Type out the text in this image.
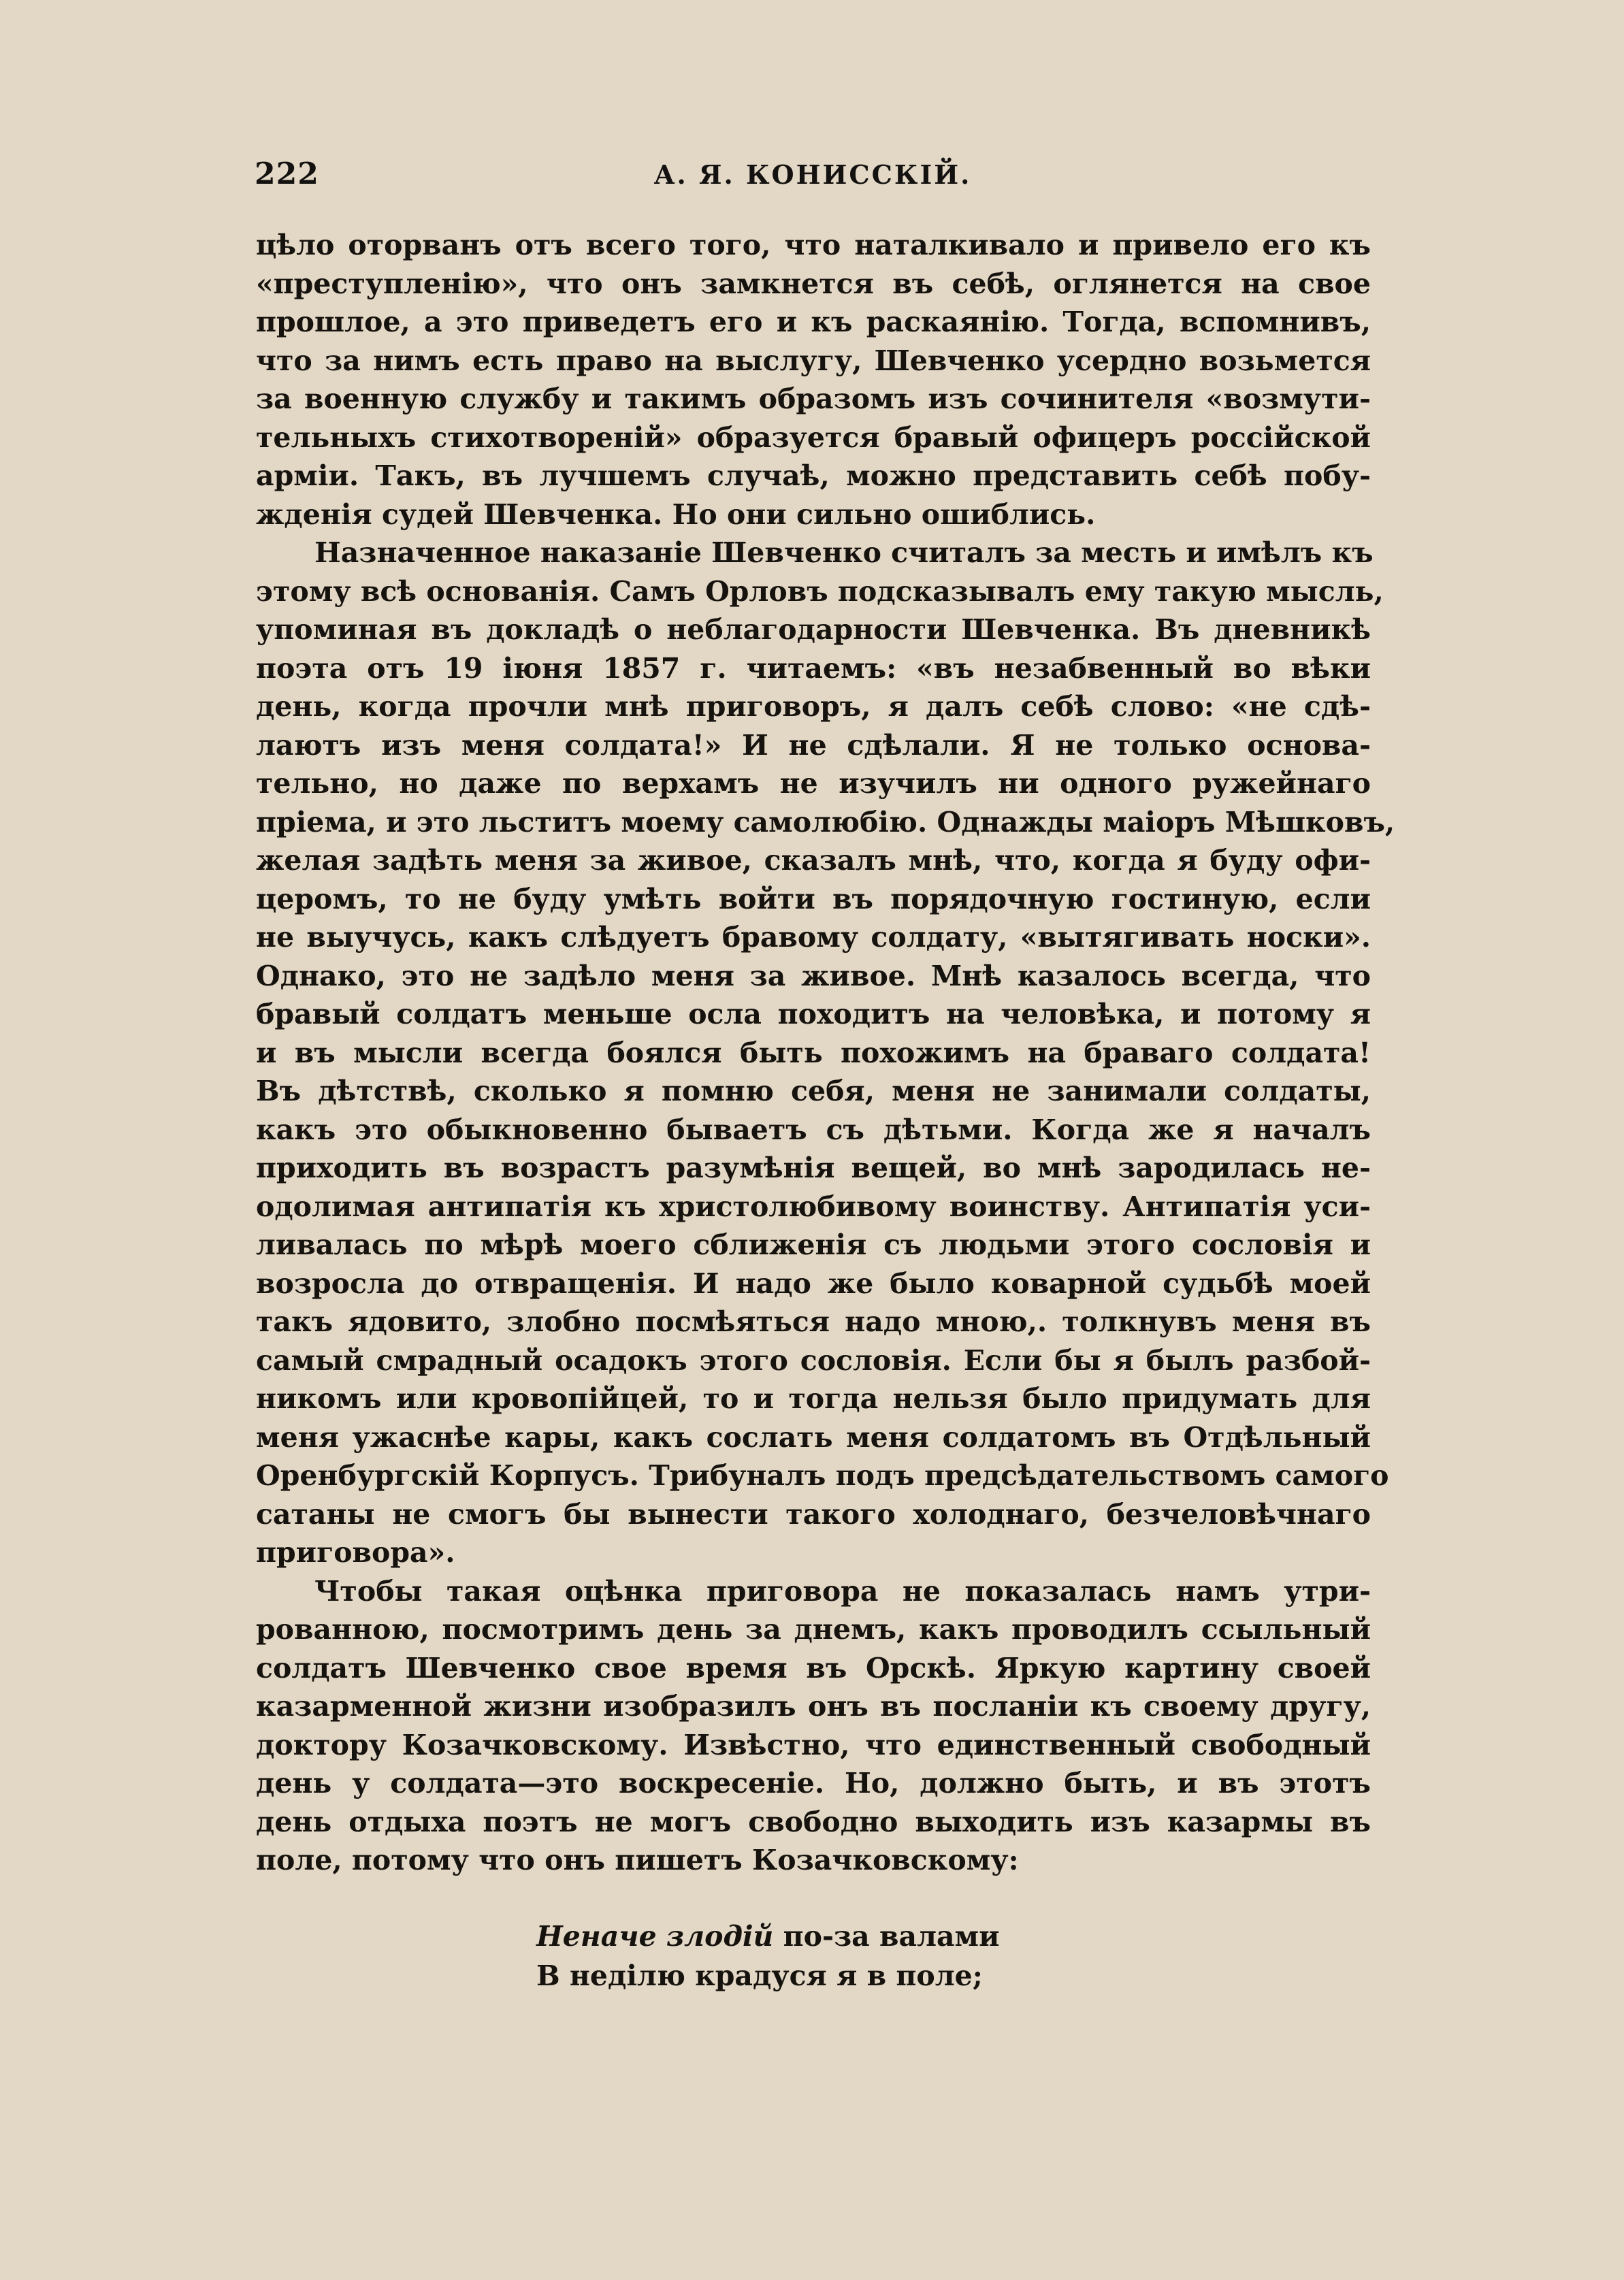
222	А. Я. КОНИССКІЙ.
цѣло оторванъ отъ всего того, что наталкивало и привело его къ
«преступленію», что онъ замкнется въ себѣ, оглянется на свое
прошлое, а это приведетъ его и къ раскаянію. Тогда, вспомнивъ,
что за нимъ есть право на выслугу, Шевченко усердно возьмется
за военную службу и такимъ образомъ изъ сочинителя «возмути-
тельныхъ стихотвореній» образуется бравый офицеръ россійской
арміи. Такъ, въ лучшемъ случаѣ, можно представить себѣ побу-
жденія судей Шевченка. Но они сильно ошиблись.
Назначенное наказаніе Шевченко считалъ за месть и имѣлъ къ
этому всѣ основанія. Самъ Орловъ подсказывалъ ему такую мысль,
упоминая въ докладѣ о неблагодарности Шевченка. Въ дневникѣ
поэта отъ 19 іюня 1857 г. читаемъ: «въ незабвенный во вѣки
день, когда прочли мнѣ приговоръ, я далъ себѣ слово: «не сдѣ-
лаютъ изъ меня солдата!» И не сдѣлали. Я не только основа-
тельно, но даже по верхамъ не изучилъ ни одного ружейнаго
пріема, и это льститъ моему самолюбію. Однажды маіоръ Мѣшковъ,
желая задѣть меня за живое, сказалъ мнѣ, что, когда я буду офи-
церомъ, то не буду умѣть войти въ порядочную гостиную, если
не выучусь, какъ слѣдуетъ бравому солдату, «вытягивать носки».
Однако, это не задѣло меня за живое. Мнѣ казалось всегда, что
бравый солдатъ меньше осла походитъ на человѣка, и потому я
и въ мысли всегда боялся быть похожимъ на браваго солдата!
Въ дѣтствѣ, сколько я помню себя, меня не занимали солдаты,
какъ это обыкновенно бываетъ съ дѣтьми. Когда же я началъ
приходить въ возрастъ разумѣнія вещей, во мнѣ зародилась не-
одолимая антипатія къ христолюбивому воинству. Антипатія уси-
ливалась по мѣрѣ моего сближенія съ людьми этого сословія и
возросла до отвращенія. И надо же было коварной судьбѣ моей
такъ ядовито, злобно посмѣяться надо мною,. толкнувъ меня въ
самый смрадный осадокъ этого сословія. Если бы я былъ разбой-
никомъ или кровопійцей, то и тогда нельзя было придумать для
меня ужаснѣе кары, какъ сослать меня солдатомъ въ Отдѣльный
Оренбургскій Корпусъ. Трибуналъ подъ предсѣдательствомъ самого
сатаны не смогъ бы вынести такого холоднаго, безчеловѣчнаго
приговора».
Чтобы такая оцѣнка приговора не показалась намъ утри-
рованною, посмотримъ день за днемъ, какъ проводилъ ссыльный
солдатъ Шевченко свое время въ Орскѣ. Яркую картину своей
казарменной жизни изобразилъ онъ въ посланіи къ своему другу,
доктору Козачковскому. Извѣстно, что единственный свободный
день у солдата—это воскресеніе. Но, должно быть, и въ этотъ
день отдыха поэтъ не могъ свободно выходить изъ казармы въ
поле, потому что онъ пишетъ Козачковскому:
Неначе злодій по-за валами
В неділю крадуся я в поле;
